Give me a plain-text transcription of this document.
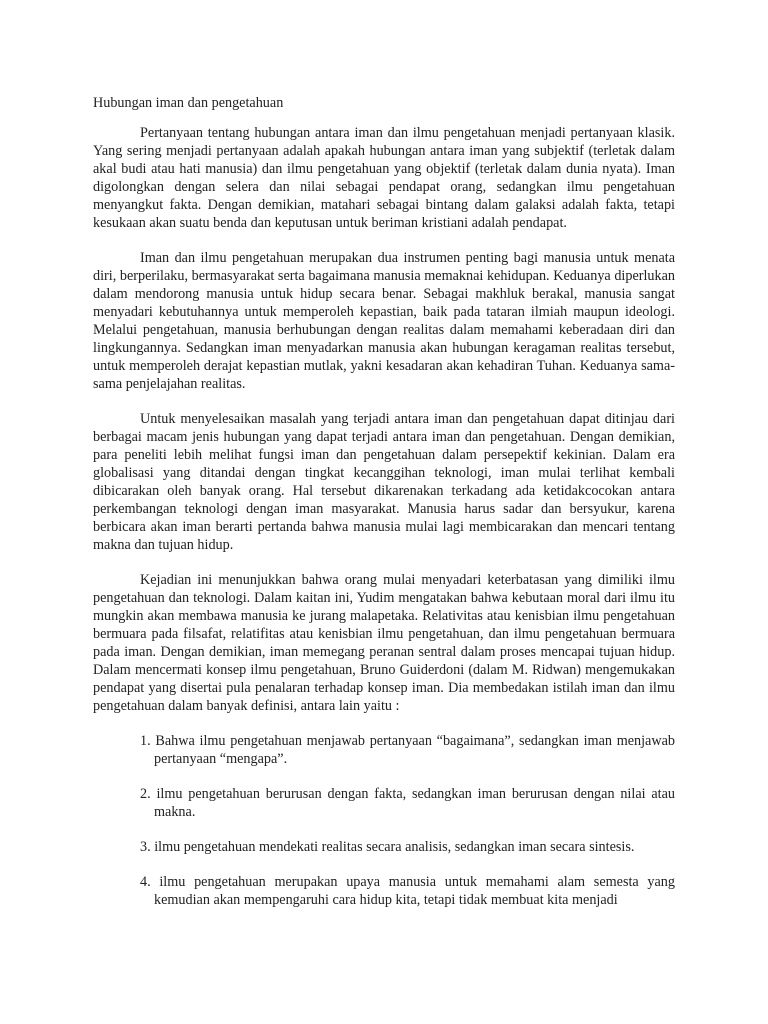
Hubungan iman dan pengetahuan

Pertanyaan tentang hubungan antara iman dan ilmu pengetahuan menjadi pertanyaan klasik. Yang sering menjadi pertanyaan adalah apakah hubungan antara iman yang subjektif (terletak dalam akal budi atau hati manusia) dan ilmu pengetahuan yang objektif (terletak dalam dunia nyata). Iman digolongkan dengan selera dan nilai sebagai pendapat orang, sedangkan ilmu pengetahuan menyangkut fakta. Dengan demikian, matahari sebagai bintang dalam galaksi adalah fakta, tetapi kesukaan akan suatu benda dan keputusan untuk beriman kristiani adalah pendapat.

Iman dan ilmu pengetahuan merupakan dua instrumen penting bagi manusia untuk menata diri, berperilaku, bermasyarakat serta bagaimana manusia memaknai kehidupan. Keduanya diperlukan dalam mendorong manusia untuk hidup secara benar. Sebagai makhluk berakal, manusia sangat menyadari kebutuhannya untuk memperoleh kepastian, baik pada tataran ilmiah maupun ideologi. Melalui pengetahuan, manusia berhubungan dengan realitas dalam memahami keberadaan diri dan lingkungannya. Sedangkan iman menyadarkan manusia akan hubungan keragaman realitas tersebut, untuk memperoleh derajat kepastian mutlak, yakni kesadaran akan kehadiran Tuhan. Keduanya sama-sama penjelajahan realitas.

Untuk menyelesaikan masalah yang terjadi antara iman dan pengetahuan dapat ditinjau dari berbagai macam jenis hubungan yang dapat terjadi antara iman dan pengetahuan. Dengan demikian, para peneliti lebih melihat fungsi iman dan pengetahuan dalam persepektif kekinian. Dalam era globalisasi yang ditandai dengan tingkat kecanggihan teknologi, iman mulai terlihat kembali dibicarakan oleh banyak orang. Hal tersebut dikarenakan terkadang ada ketidakcocokan antara perkembangan teknologi dengan iman masyarakat. Manusia harus sadar dan bersyukur, karena berbicara akan iman berarti pertanda bahwa manusia mulai lagi membicarakan dan mencari tentang makna dan tujuan hidup.

Kejadian ini menunjukkan bahwa orang mulai menyadari keterbatasan yang dimiliki ilmu pengetahuan dan teknologi. Dalam kaitan ini, Yudim mengatakan bahwa kebutaan moral dari ilmu itu mungkin akan membawa manusia ke jurang malapetaka. Relativitas atau kenisbian ilmu pengetahuan bermuara pada filsafat, relatifitas atau kenisbian ilmu pengetahuan, dan ilmu pengetahuan bermuara pada iman. Dengan demikian, iman memegang peranan sentral dalam proses mencapai tujuan hidup. Dalam mencermati konsep ilmu pengetahuan, Bruno Guiderdoni (dalam M. Ridwan) mengemukakan pendapat yang disertai pula penalaran terhadap konsep iman. Dia membedakan istilah iman dan ilmu pengetahuan dalam banyak definisi, antara lain yaitu :

1. Bahwa ilmu pengetahuan menjawab pertanyaan “bagaimana”, sedangkan iman menjawab pertanyaan “mengapa”.
2. ilmu pengetahuan berurusan dengan fakta, sedangkan iman berurusan dengan nilai atau makna.
3. ilmu pengetahuan mendekati realitas secara analisis, sedangkan iman secara sintesis.
4. ilmu pengetahuan merupakan upaya manusia untuk memahami alam semesta yang kemudian akan mempengaruhi cara hidup kita, tetapi tidak membuat kita menjadi
